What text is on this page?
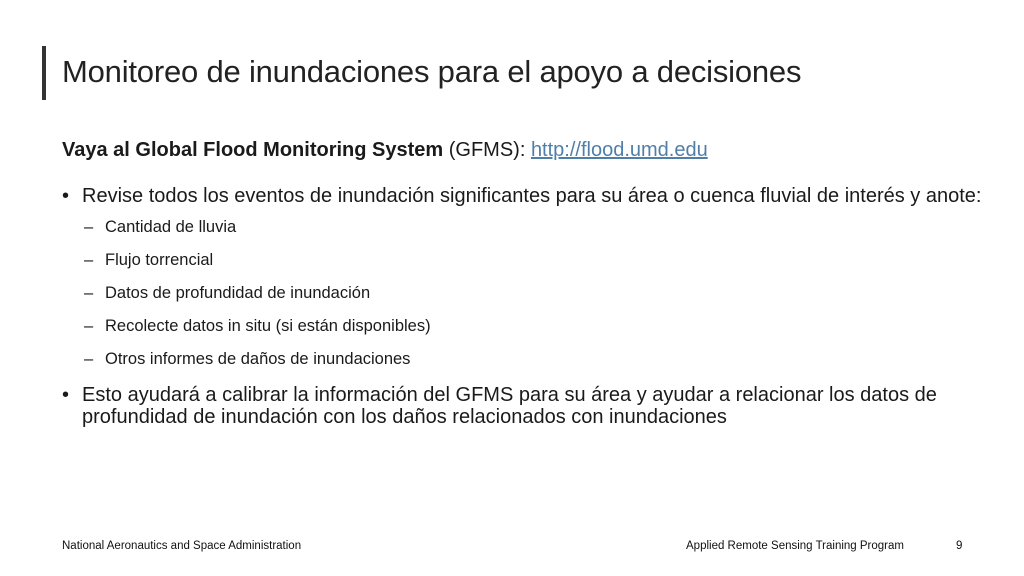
Monitoreo de inundaciones para el apoyo a decisiones
Vaya al Global Flood Monitoring System (GFMS): http://flood.umd.edu
• Revise todos los eventos de inundación significantes para su área o cuenca fluvial de interés y anote:
– Cantidad de lluvia
– Flujo torrencial
– Datos de profundidad de inundación
– Recolecte datos in situ (si están disponibles)
– Otros informes de daños de inundaciones
• Esto ayudará a calibrar la información del GFMS para su área y ayudar a relacionar los datos de profundidad de inundación con los daños relacionados con inundaciones
National Aeronautics and Space Administration	Applied Remote Sensing Training Program	9
